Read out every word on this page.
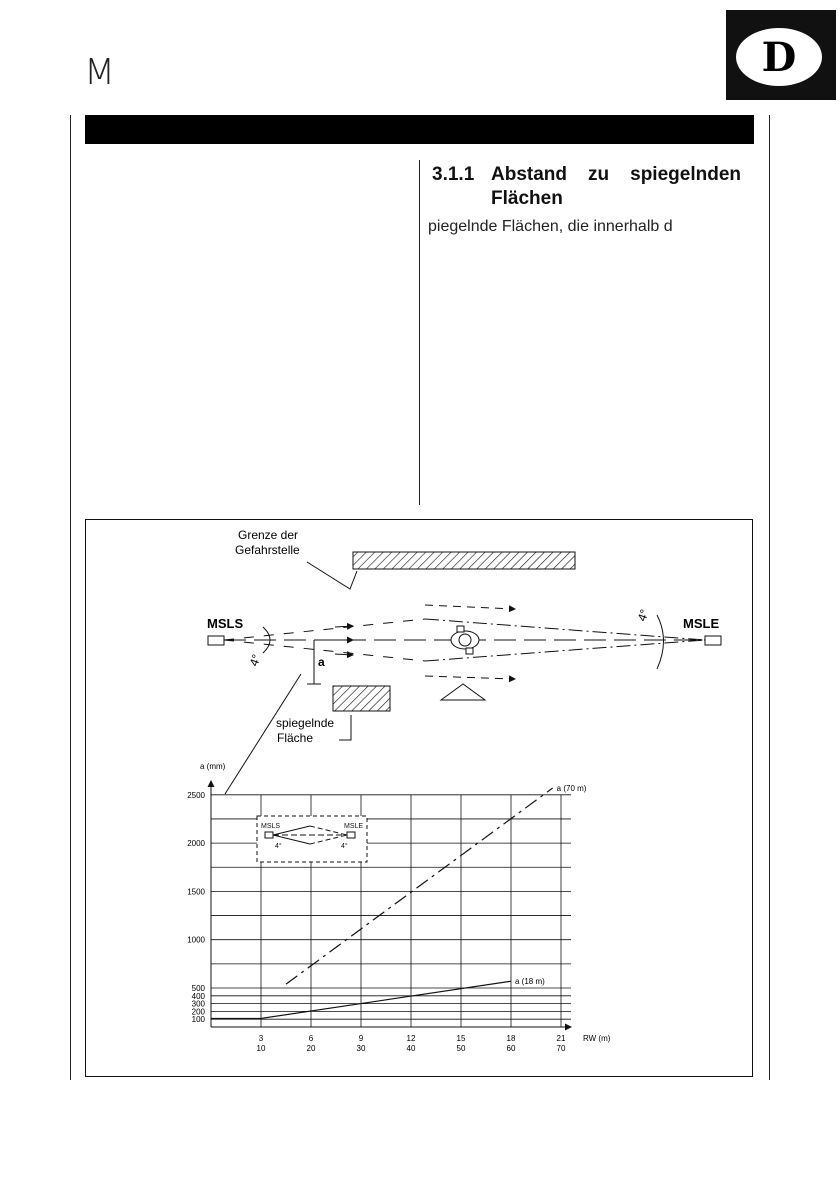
M	D
3.1.1 Abstand zu spiegelnden
Flächen
piegelnde Flächen, die innerhalb d
Grenze der
Gefahrstelle
MSLS	MSLE
4°
4°
a
spiegelnde
Fläche
a (mm)
RW (m)
100
200
300
400
500
1000
1500
2000
2500
3
10
6
20
9
30
12
40
15
50
18
60
21
70
a (70 m)
a (18 m)
MSLS	MSLE
4°	4°
